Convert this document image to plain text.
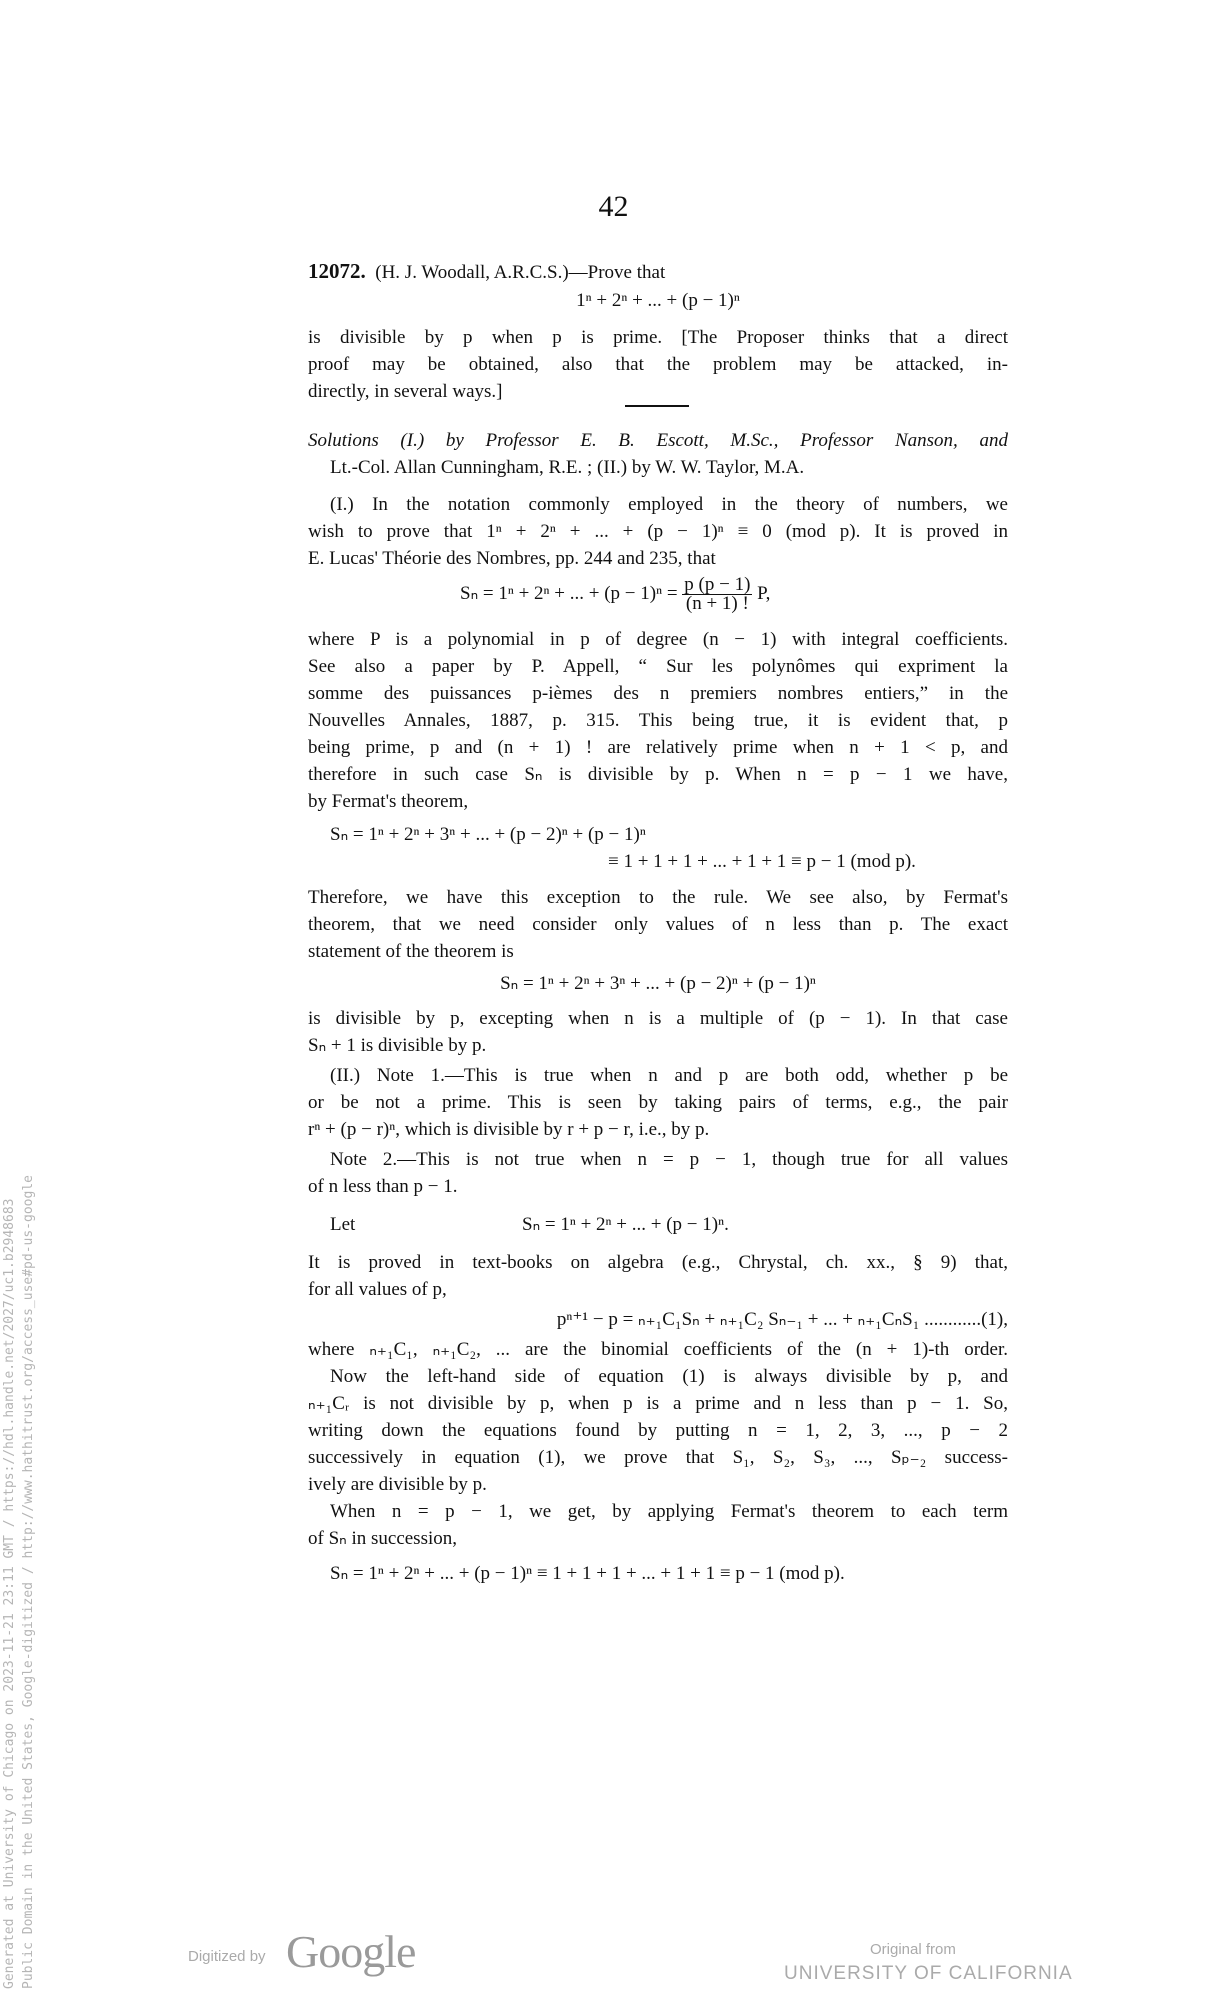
42
12072. (H. J. Woodall, A.R.C.S.)—Prove that
1ⁿ + 2ⁿ + ... + (p − 1)ⁿ
is divisible by p when p is prime. [The Proposer thinks that a direct
proof may be obtained, also that the problem may be attacked, in-
directly, in several ways.]
Solutions (I.) by Professor E. B. Escott, M.Sc., Professor Nanson, and
Lt.-Col. Allan Cunningham, R.E. ; (II.) by W. W. Taylor, M.A.
(I.) In the notation commonly employed in the theory of numbers, we
wish to prove that 1ⁿ + 2ⁿ + ... + (p − 1)ⁿ ≡ 0 (mod p). It is proved in
E. Lucas' Théorie des Nombres, pp. 244 and 235, that
Sₙ = 1ⁿ + 2ⁿ + ... + $(p - 1)^n = \frac{p (p - 1)}{(n + 1) !} P$,
where P is a polynomial in p of degree (n − 1) with integral coefficients.
See also a paper by P. Appell, “ Sur les polynômes qui expriment la
somme des puissances p-ièmes des n premiers nombres entiers,” in the
Nouvelles Annales, 1887, p. 315. This being true, it is evident that, p
being prime, p and (n + 1) ! are relatively prime when n + 1 < p, and
therefore in such case Sₙ is divisible by p. When n = p − 1 we have,
by Fermat's theorem,
Sₙ = 1ⁿ + 2ⁿ + 3ⁿ + ... + (p − 2)ⁿ + (p − 1)ⁿ
≡ 1 + 1 + 1 + ... + 1 + 1 ≡ p − 1 (mod p).
Therefore, we have this exception to the rule. We see also, by Fermat's
theorem, that we need consider only values of n less than p. The exact
statement of the theorem is
Sₙ = 1ⁿ + 2ⁿ + 3ⁿ + ... + (p − 2)ⁿ + (p − 1)ⁿ
is divisible by p, excepting when n is a multiple of (p − 1). In that case
Sₙ + 1 is divisible by p.
(II.) Note 1.—This is true when n and p are both odd, whether p be
or be not a prime. This is seen by taking pairs of terms, e.g., the pair
rⁿ + (p − r)ⁿ, which is divisible by r + p − r, i.e., by p.
Note 2.—This is not true when n = p − 1, though true for all values
of n less than p − 1.
Let	Sₙ = 1ⁿ + 2ⁿ + ... + (p − 1)ⁿ.
It is proved in text-books on algebra (e.g., Chrystal, ch. xx., § 9) that,
for all values of p,
pⁿ⁺¹ − p = ₙ₊₁C₁Sₙ + ₙ₊₁C₂ Sₙ₋₁ + ... + ₙ₊₁CₙS₁ ............(1),
where ₙ₊₁C₁, ₙ₊₁C₂, ... are the binomial coefficients of the (n + 1)-th order.
Now the left-hand side of equation (1) is always divisible by p, and
ₙ₊₁Cᵣ is not divisible by p, when p is a prime and n less than p − 1. So,
writing down the equations found by putting n = 1, 2, 3, ..., p − 2
successively in equation (1), we prove that S₁, S₂, S₃, ..., Sₚ₋₂ success-
ively are divisible by p.
When n = p − 1, we get, by applying Fermat's theorem to each term
of Sₙ in succession,
Sₙ = 1ⁿ + 2ⁿ + ... + (p − 1)ⁿ ≡ 1 + 1 + 1 + ... + 1 + 1 ≡ p − 1 (mod p).
Generated at University of Chicago on 2023-11-21 23:11 GMT / https://hdl.handle.net/2027/uc1.b2948683 Public Domain in the United States, Google-digitized / http://www.hathitrust.org/access_use#pd-us-google	Digitized by Google	Original from
UNIVERSITY OF CALIFORNIA
